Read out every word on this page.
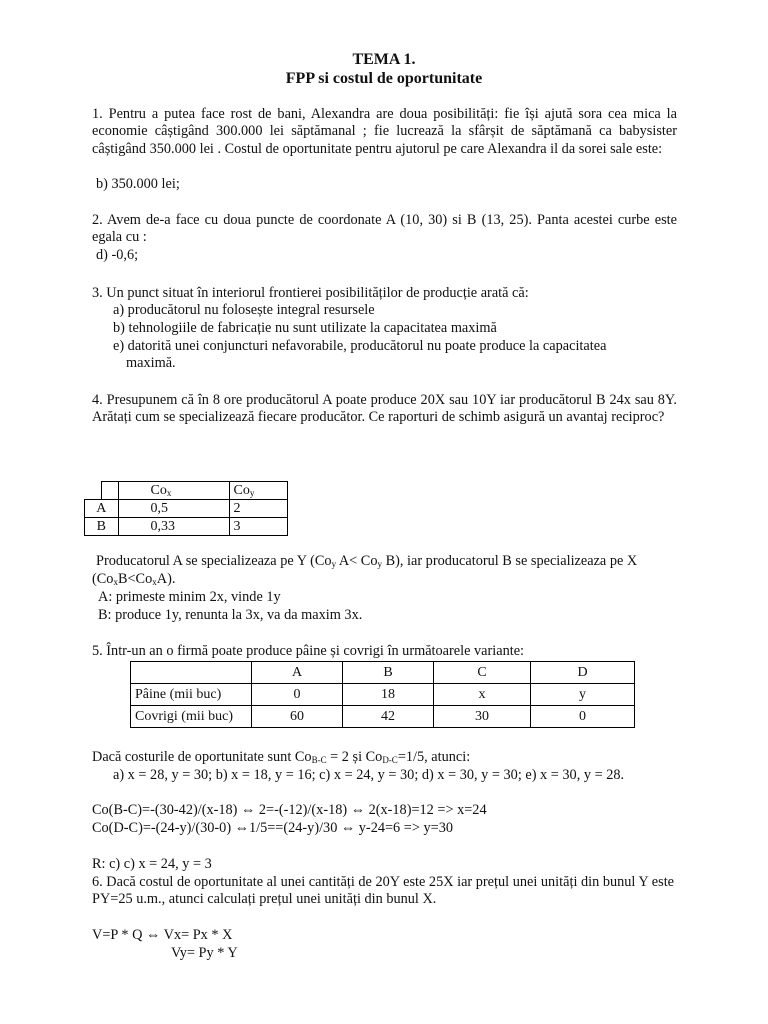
TEMA 1.
FPP si costul de oportunitate
1. Pentru a putea face rost de bani, Alexandra are doua posibilități: fie își ajută sora cea mica la economie câștigând 300.000 lei săptămanal ; fie lucrează la sfârșit de săptămană ca babysister câștigând 350.000 lei . Costul de oportunitate pentru ajutorul pe care Alexandra il da sorei sale este:
b) 350.000 lei;
2. Avem de-a face cu doua puncte de coordonate A (10, 30) si B (13, 25). Panta acestei curbe este egala cu :
d) -0,6;
3. Un punct situat în interiorul frontierei posibilităților de producție arată că:
a) producătorul nu folosește integral resursele
b) tehnologiile de fabricație nu sunt utilizate la capacitatea maximă
e) datorită unei conjuncturi nefavorabile, producătorul nu poate produce la capacitatea
maximă.
4. Presupunem că în 8 ore producătorul A poate produce 20X sau 10Y iar producătorul B 24x sau 8Y. Arătați cum se specializează fiecare producător. Ce raporturi de schimb asigură un avantaj reciproc?
		$Co_x$	$Co_y$
A		0,5	2
B		0,33	3
Producatorul A se specializeaza pe Y ($Co_y$ $A< Co_y$ B), iar producatorul B se specializeaza pe X
$(Co_xB<Co_xA)$.
A: primeste minim 2x, vinde 1y
B: produce 1y, renunta la 3x, va da maxim 3x.
5. Într-un an o firmă poate produce pâine și covrigi în următoarele variante:
	A	B	C	D
Pâine (mii buc)	0	18	x	y
Covrigi (mii buc)	60	42	30	0
Dacă costurile de oportunitate sunt $Co_{B-C} = 2$ și $Co_{D-C}=1/5$, atunci:
a) x = 28, y = 30; b) x = 18, y = 16; c) x = 24, y = 30; d) x = 30, y = 30; e) x = 30, y = 28.
Co(B-C)=-(30-42)/(x-18) ⇔ 2=-(-12)/(x-18) ⇔ 2(x-18)=12 => x=24
Co(D-C)=-(24-y)/(30-0) ⇔1/5==(24-y)/30 ⇔ y-24=6 => y=30
R: c) c) x = 24, y = 3
6. Dacă costul de oportunitate al unei cantități de 20Y este 25X iar prețul unei unități din bunul Y este PY=25 u.m., atunci calculați prețul unei unități din bunul X.
V=P * Q ⇔ Vx= Px * X
Vy= Py * Y
